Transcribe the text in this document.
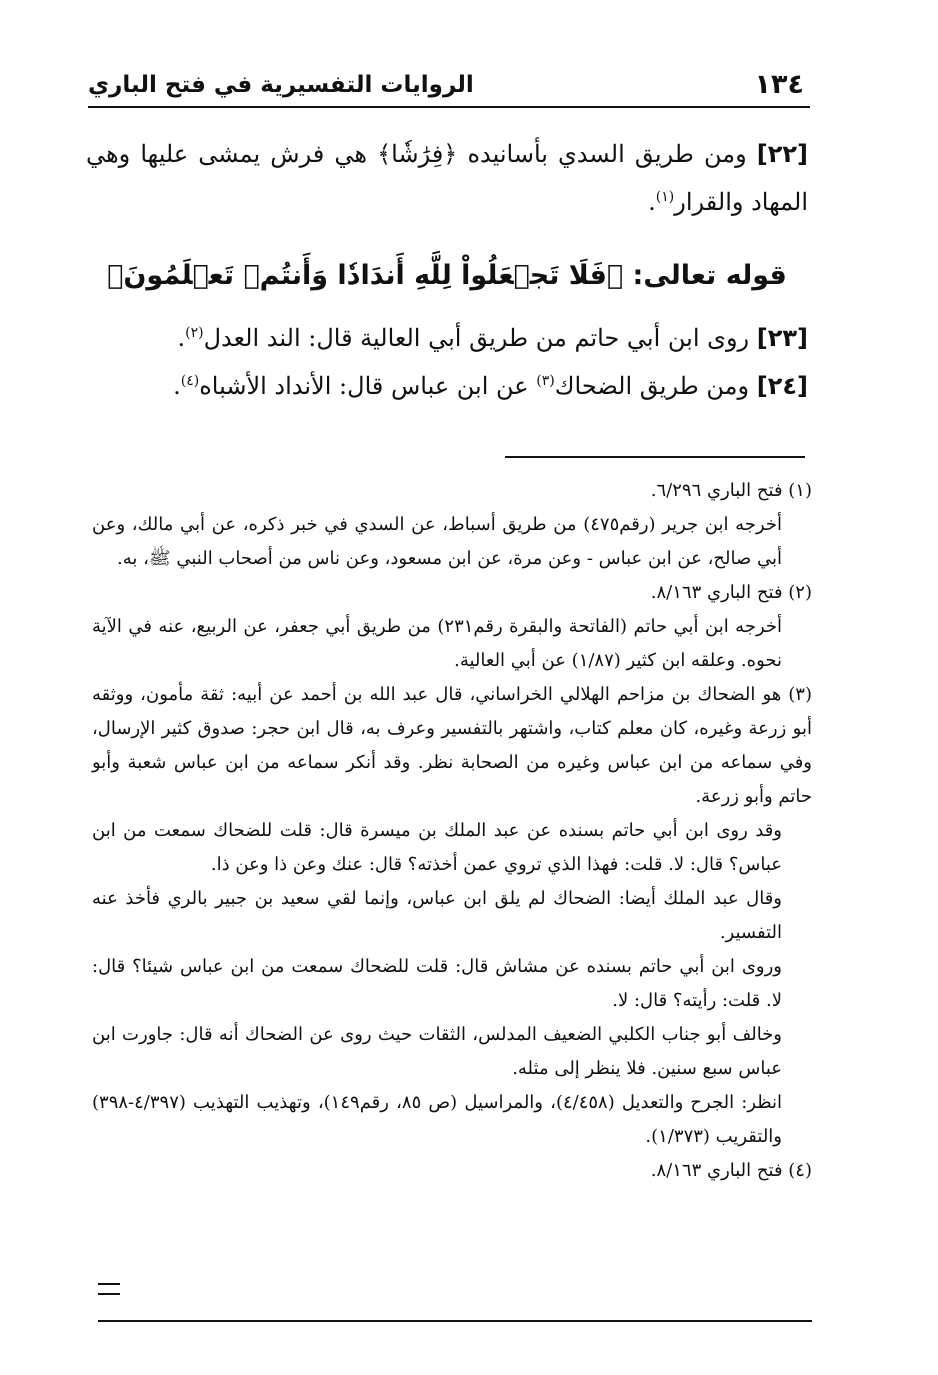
١٣٤
الروايات التفسيرية في فتح الباري

[٢٢] ومن طريق السدي بأسانيده ﴿فِرَٰشٗا﴾ هي فرش يمشى عليها وهي المهاد والقرار$^{(١)}$.

قوله تعالى: ﴿فَلَا تَجۡعَلُواْ لِلَّهِ أَندَادٗا وَأَنتُمۡ تَعۡلَمُونَ﴾

[٢٣] روى ابن أبي حاتم من طريق أبي العالية قال: الند العدل$^{(٢)}$.

[٢٤] ومن طريق الضحاك$^{(٣)}$ عن ابن عباس قال: الأنداد الأشباه$^{(٤)}$.

(١) فتح الباري ٦/٢٩٦.

أخرجه ابن جرير (رقم٤٧٥) من طريق أسباط، عن السدي في خبر ذكره، عن أبي مالك، وعن أبي صالح، عن ابن عباس - وعن مرة، عن ابن مسعود، وعن ناس من أصحاب النبي ﷺ، به.

(٢) فتح الباري ٨/١٦٣.

أخرجه ابن أبي حاتم (الفاتحة والبقرة رقم٢٣١) من طريق أبي جعفر، عن الربيع، عنه في الآية نحوه. وعلقه ابن كثير (١/٨٧) عن أبي العالية.

(٣) هو الضحاك بن مزاحم الهلالي الخراساني، قال عبد الله بن أحمد عن أبيه: ثقة مأمون، ووثقه أبو زرعة وغيره، كان معلم كتاب، واشتهر بالتفسير وعرف به، قال ابن حجر: صدوق كثير الإرسال، وفي سماعه من ابن عباس وغيره من الصحابة نظر. وقد أنكر سماعه من ابن عباس شعبة وأبو حاتم وأبو زرعة.

وقد روى ابن أبي حاتم بسنده عن عبد الملك بن ميسرة قال: قلت للضحاك سمعت من ابن عباس؟ قال: لا. قلت: فهذا الذي تروي عمن أخذته؟ قال: عنك وعن ذا وعن ذا.

وقال عبد الملك أيضا: الضحاك لم يلق ابن عباس، وإنما لقي سعيد بن جبير بالري فأخذ عنه التفسير.

وروى ابن أبي حاتم بسنده عن مشاش قال: قلت للضحاك سمعت من ابن عباس شيئا؟ قال: لا. قلت: رأيته؟ قال: لا.

وخالف أبو جناب الكلبي الضعيف المدلس، الثقات حيث روى عن الضحاك أنه قال: جاورت ابن عباس سبع سنين. فلا ينظر إلى مثله.

انظر: الجرح والتعديل (٤/٤٥٨)، والمراسيل (ص ٨٥، رقم١٤٩)، وتهذيب التهذيب (٤/٣٩٧-٣٩٨) والتقريب (١/٣٧٣).

(٤) فتح الباري ٨/١٦٣.
